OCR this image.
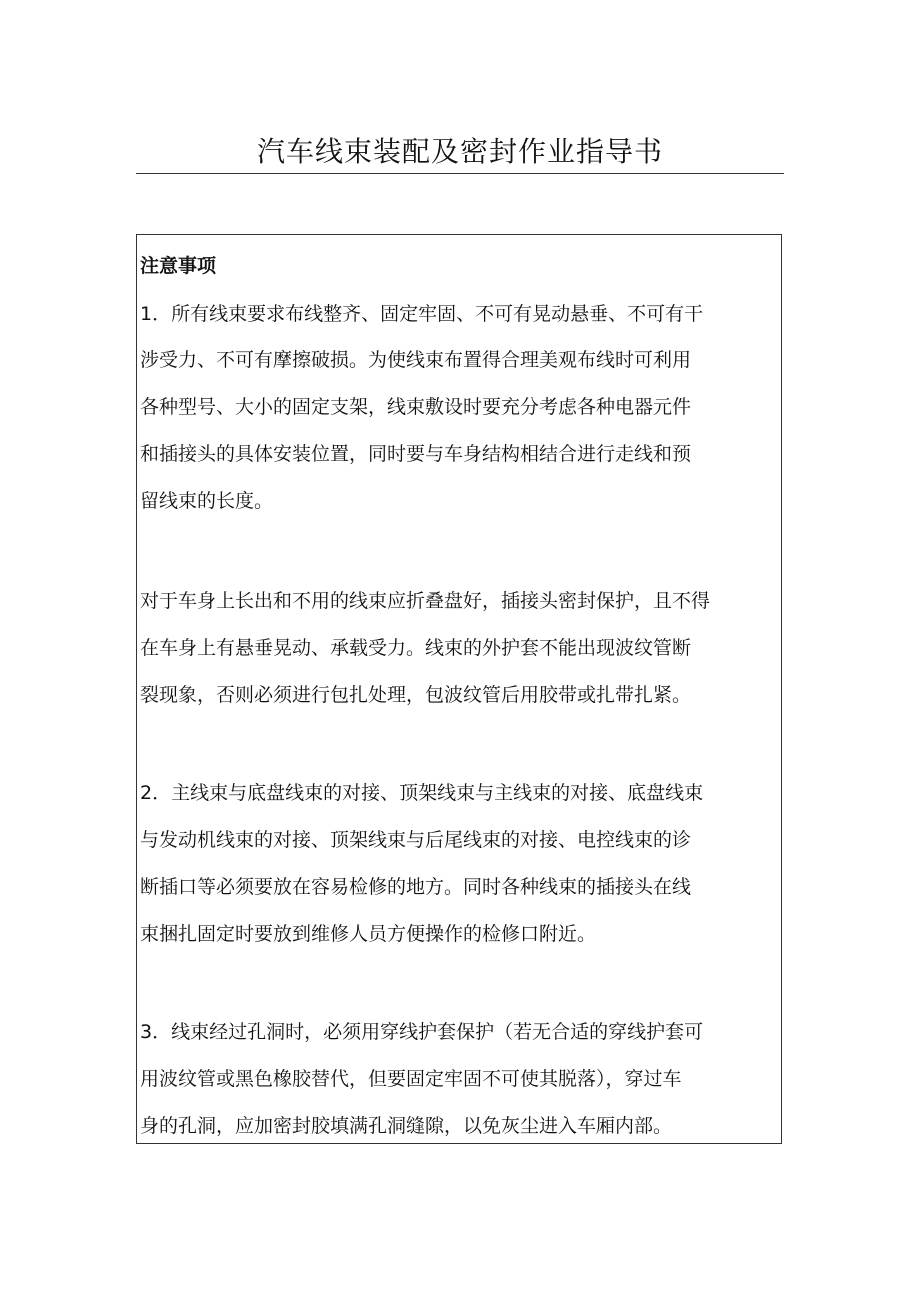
汽车线束装配及密封作业指导书
注意事项
1．所有线束要求布线整齐、固定牢固、不可有晃动悬垂、不可有干
涉受力、不可有摩擦破损。为使线束布置得合理美观布线时可利用
各种型号、大小的固定支架，线束敷设时要充分考虑各种电器元件
和插接头的具体安装位置，同时要与车身结构相结合进行走线和预
留线束的长度。
对于车身上长出和不用的线束应折叠盘好，插接头密封保护，且不得
在车身上有悬垂晃动、承载受力。线束的外护套不能出现波纹管断
裂现象，否则必须进行包扎处理，包波纹管后用胶带或扎带扎紧。
2．主线束与底盘线束的对接、顶架线束与主线束的对接、底盘线束
与发动机线束的对接、顶架线束与后尾线束的对接、电控线束的诊
断插口等必须要放在容易检修的地方。同时各种线束的插接头在线
束捆扎固定时要放到维修人员方便操作的检修口附近。
3．线束经过孔洞时，必须用穿线护套保护（若无合适的穿线护套可
用波纹管或黑色橡胶替代，但要固定牢固不可使其脱落），穿过车
身的孔洞，应加密封胶填满孔洞缝隙，以免灰尘进入车厢内部。
